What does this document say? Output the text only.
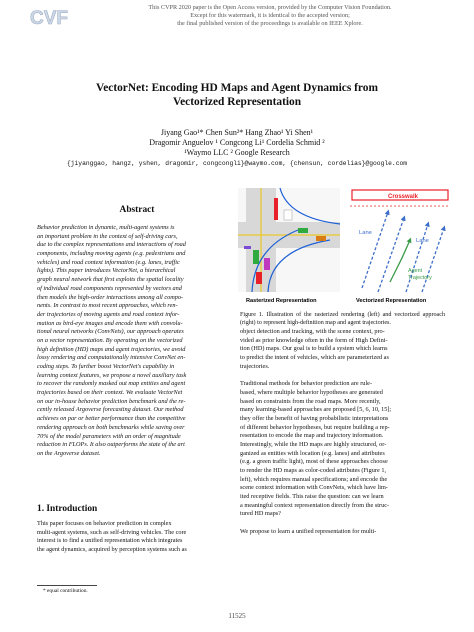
CVF
This CVPR 2020 paper is the Open Access version, provided by the Computer Vision Foundation.
Except for this watermark, it is identical to the accepted version;
the final published version of the proceedings is available on IEEE Xplore.
VectorNet: Encoding HD Maps and Agent Dynamics from
Vectorized Representation
Jiyang Gao¹* Chen Sun²* Hang Zhao¹ Yi Shen¹
Dragomir Anguelov ¹ Congcong Li¹ Cordelia Schmid ²
¹Waymo LLC ² Google Research
{jiyanggao, hangz, yshen, dragomir, congcongli}@waymo.com, {chensun, cordelias}@google.com
Abstract
Behavior prediction in dynamic, multi-agent systems is
an important problem in the context of self-driving cars,
due to the complex representations and interactions of road
components, including moving agents (e.g. pedestrians and
vehicles) and road context information (e.g. lanes, traffic
lights). This paper introduces VectorNet, a hierarchical
graph neural network that first exploits the spatial locality
of individual road components represented by vectors and
then models the high-order interactions among all compo-
nents. In contrast to most recent approaches, which ren-
der trajectories of moving agents and road context infor-
mation as bird-eye images and encode them with convolu-
tional neural networks (ConvNets), our approach operates
on a vector representation. By operating on the vectorized
high definition (HD) maps and agent trajectories, we avoid
lossy rendering and computationally intensive ConvNet en-
coding steps. To further boost VectorNet's capability in
learning context features, we propose a novel auxiliary task
to recover the randomly masked out map entities and agent
trajectories based on their context. We evaluate VectorNet
on our in-house behavior prediction benchmark and the re-
cently released Argoverse forecasting dataset. Our method
achieves on par or better performance than the competitive
rendering approach on both benchmarks while saving over
70% of the model parameters with an order of magnitude
reduction in FLOPs. It also outperforms the state of the art
on the Argoverse dataset.
1. Introduction
This paper focuses on behavior prediction in complex
multi-agent systems, such as self-driving vehicles. The core
interest is to find a unified representation which integrates
the agent dynamics, acquired by perception systems such as
* equal contribution.
Rasterized Representation
Crosswalk
Lane
Lane
Agent
Trajectory
Vectorized Representation
Figure 1. Illustration of the rasterized rendering (left) and vectorized approach (right) to represent high-definition map and agent trajectories.
object detection and tracking, with the scene context, pro-
vided as prior knowledge often in the form of High Defini-
tion (HD) maps. Our goal is to build a system which learns
to predict the intent of vehicles, which are parameterized as
trajectories.
Traditional methods for behavior prediction are rule-
based, where multiple behavior hypotheses are generated
based on constraints from the road maps. More recently,
many learning-based approaches are proposed [5, 6, 10, 15];
they offer the benefit of having probabilistic interpretations
of different behavior hypotheses, but require building a rep-
resentation to encode the map and trajectory information.
Interestingly, while the HD maps are highly structured, or-
ganized as entities with location (e.g. lanes) and attributes
(e.g. a green traffic light), most of these approaches choose
to render the HD maps as color-coded attributes (Figure 1,
left), which requires manual specifications; and encode the
scene context information with ConvNets, which have lim-
ited receptive fields. This raise the question: can we learn
a meaningful context representation directly from the struc-
tured HD maps?
We propose to learn a unified representation for multi-
11525
